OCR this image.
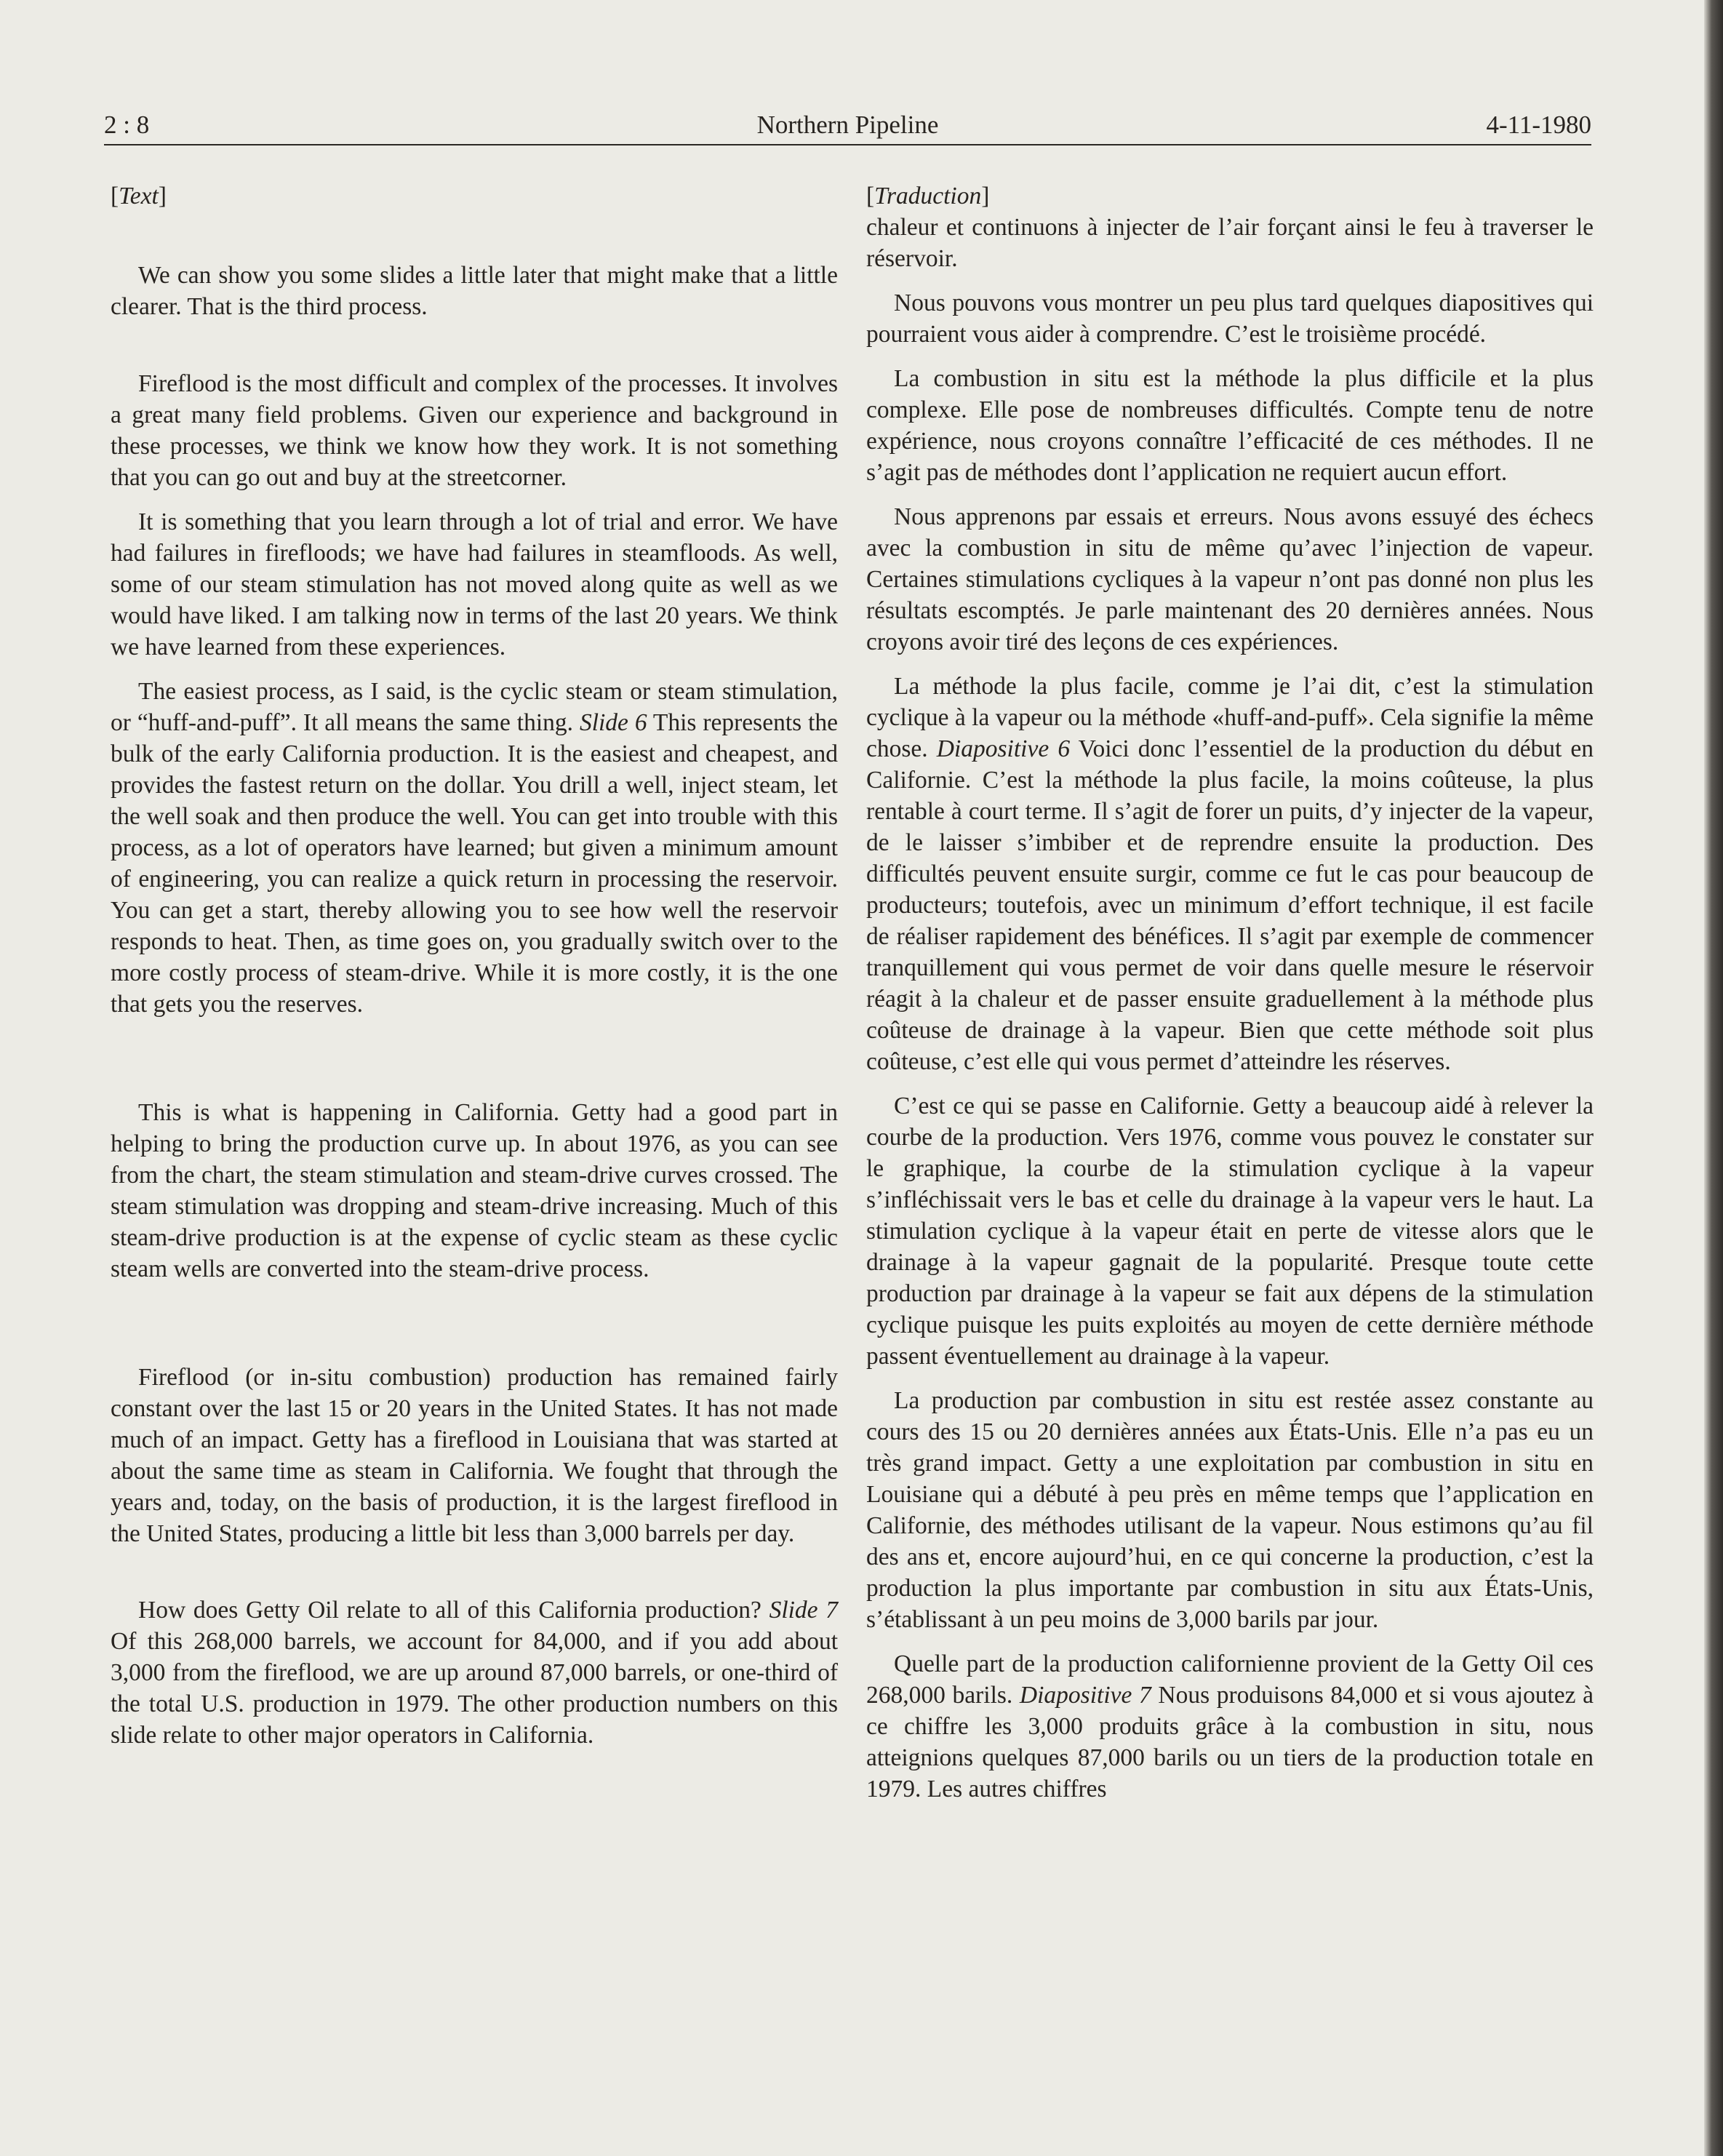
2 : 8	Northern Pipeline	4-11-1980
[Text]

We can show you some slides a little later that might make that a little clearer. That is the third process.

Fireflood is the most difficult and complex of the processes. It involves a great many field problems. Given our experience and background in these processes, we think we know how they work. It is not something that you can go out and buy at the streetcorner.

It is something that you learn through a lot of trial and error. We have had failures in firefloods; we have had failures in steamfloods. As well, some of our steam stimulation has not moved along quite as well as we would have liked. I am talking now in terms of the last 20 years. We think we have learned from these experiences.

The easiest process, as I said, is the cyclic steam or steam stimulation, or “huff-and-puff”. It all means the same thing. Slide 6 This represents the bulk of the early California production. It is the easiest and cheapest, and provides the fastest return on the dollar. You drill a well, inject steam, let the well soak and then produce the well. You can get into trouble with this process, as a lot of operators have learned; but given a minimum amount of engineering, you can realize a quick return in processing the reservoir. You can get a start, thereby allowing you to see how well the reservoir responds to heat. Then, as time goes on, you gradually switch over to the more costly process of steam-drive. While it is more costly, it is the one that gets you the reserves.

This is what is happening in California. Getty had a good part in helping to bring the production curve up. In about 1976, as you can see from the chart, the steam stimulation and steam-drive curves crossed. The steam stimulation was dropping and steam-drive increasing. Much of this steam-drive production is at the expense of cyclic steam as these cyclic steam wells are converted into the steam-drive process.

Fireflood (or in-situ combustion) production has remained fairly constant over the last 15 or 20 years in the United States. It has not made much of an impact. Getty has a fireflood in Louisiana that was started at about the same time as steam in California. We fought that through the years and, today, on the basis of production, it is the largest fireflood in the United States, producing a little bit less than 3,000 barrels per day.

How does Getty Oil relate to all of this California production? Slide 7 Of this 268,000 barrels, we account for 84,000, and if you add about 3,000 from the fireflood, we are up around 87,000 barrels, or one-third of the total U.S. production in 1979. The other production numbers on this slide relate to other major operators in California.

[Traduction]

chaleur et continuons à injecter de l’air forçant ainsi le feu à traverser le réservoir.

Nous pouvons vous montrer un peu plus tard quelques diapositives qui pourraient vous aider à comprendre. C’est le troisième procédé.

La combustion in situ est la méthode la plus difficile et la plus complexe. Elle pose de nombreuses difficultés. Compte tenu de notre expérience, nous croyons connaître l’efficacité de ces méthodes. Il ne s’agit pas de méthodes dont l’application ne requiert aucun effort.

Nous apprenons par essais et erreurs. Nous avons essuyé des échecs avec la combustion in situ de même qu’avec l’injection de vapeur. Certaines stimulations cycliques à la vapeur n’ont pas donné non plus les résultats escomptés. Je parle maintenant des 20 dernières années. Nous croyons avoir tiré des leçons de ces expériences.

La méthode la plus facile, comme je l’ai dit, c’est la stimulation cyclique à la vapeur ou la méthode «huff-and-puff». Cela signifie la même chose. Diapositive 6 Voici donc l’essentiel de la production du début en Californie. C’est la méthode la plus facile, la moins coûteuse, la plus rentable à court terme. Il s’agit de forer un puits, d’y injecter de la vapeur, de le laisser s’imbiber et de reprendre ensuite la production. Des difficultés peuvent ensuite surgir, comme ce fut le cas pour beaucoup de producteurs; toutefois, avec un minimum d’effort technique, il est facile de réaliser rapidement des bénéfices. Il s’agit par exemple de commencer tranquillement qui vous permet de voir dans quelle mesure le réservoir réagit à la chaleur et de passer ensuite graduellement à la méthode plus coûteuse de drainage à la vapeur. Bien que cette méthode soit plus coûteuse, c’est elle qui vous permet d’atteindre les réserves.

C’est ce qui se passe en Californie. Getty a beaucoup aidé à relever la courbe de la production. Vers 1976, comme vous pouvez le constater sur le graphique, la courbe de la stimulation cyclique à la vapeur s’infléchissait vers le bas et celle du drainage à la vapeur vers le haut. La stimulation cyclique à la vapeur était en perte de vitesse alors que le drainage à la vapeur gagnait de la popularité. Presque toute cette production par drainage à la vapeur se fait aux dépens de la stimulation cyclique puisque les puits exploités au moyen de cette dernière méthode passent éventuellement au drainage à la vapeur.

La production par combustion in situ est restée assez constante au cours des 15 ou 20 dernières années aux États-Unis. Elle n’a pas eu un très grand impact. Getty a une exploitation par combustion in situ en Louisiane qui a débuté à peu près en même temps que l’application en Californie, des méthodes utilisant de la vapeur. Nous estimons qu’au fil des ans et, encore aujourd’hui, en ce qui concerne la production, c’est la production la plus importante par combustion in situ aux États-Unis, s’établissant à un peu moins de 3,000 barils par jour.

Quelle part de la production californienne provient de la Getty Oil ces 268,000 barils. Diapositive 7 Nous produisons 84,000 et si vous ajoutez à ce chiffre les 3,000 produits grâce à la combustion in situ, nous atteignions quelques 87,000 barils ou un tiers de la production totale en 1979. Les autres chiffres
